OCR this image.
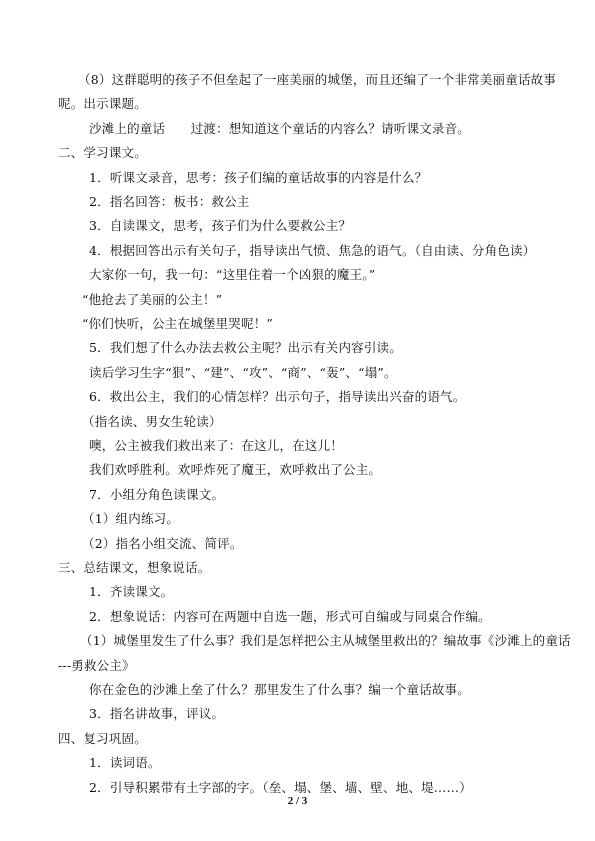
（8）这群聪明的孩子不但垒起了一座美丽的城堡，而且还编了一个非常美丽童话故事
呢。出示课题。
沙滩上的童话　　过渡：想知道这个童话的内容么？请听课文录音。
二、学习课文。
1．听课文录音，思考：孩子们编的童话故事的内容是什么？
2．指名回答：板书：救公主
3．自读课文，思考，孩子们为什么要救公主？
4．根据回答出示有关句子，指导读出气愤、焦急的语气。（自由读、分角色读）
大家你一句，我一句：“这里住着一个凶狠的魔王。”
“他抢去了美丽的公主！”
“你们快听，公主在城堡里哭呢！”
5．我们想了什么办法去救公主呢？出示有关内容引读。
读后学习生字“狠”、“建”、“攻”、“商”、“轰”、“塌”。
6．救出公主，我们的心情怎样？出示句子，指导读出兴奋的语气。
（指名读、男女生轮读）
噢，公主被我们救出来了：在这儿，在这儿！
我们欢呼胜利。欢呼炸死了魔王，欢呼救出了公主。
7．小组分角色读课文。
（1）组内练习。
（2）指名小组交流、简评。
三、总结课文，想象说话。
1．齐读课文。
2．想象说话：内容可在两题中自选一题，形式可自编或与同桌合作编。
（1）城堡里发生了什么事？我们是怎样把公主从城堡里救出的？编故事《沙滩上的童话
---勇救公主》
你在金色的沙滩上垒了什么？那里发生了什么事？编一个童话故事。
3．指名讲故事，评议。
四、复习巩固。
1．读词语。
2．引导积累带有土字部的字。（垒、塌、堡、墙、壁、地、堤……）
2 / 3
